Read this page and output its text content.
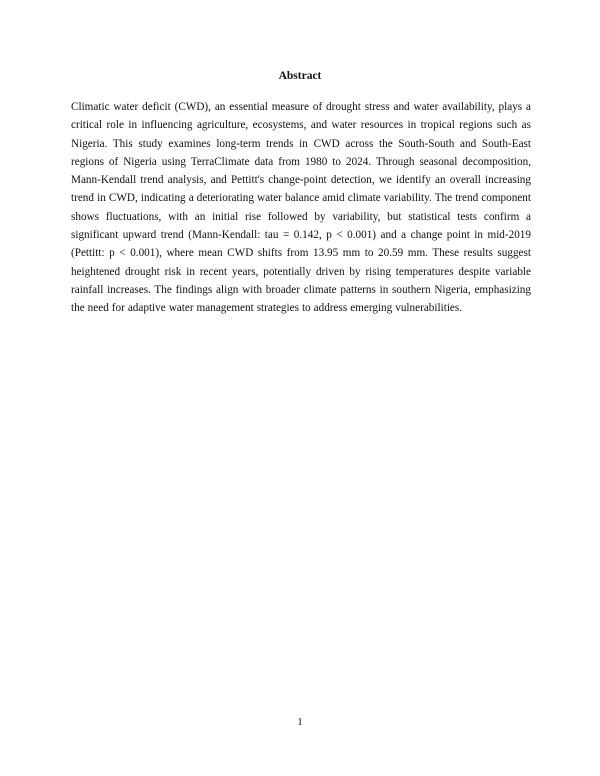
Abstract

Climatic water deficit (CWD), an essential measure of drought stress and water availability, plays a critical role in influencing agriculture, ecosystems, and water resources in tropical regions such as Nigeria. This study examines long-term trends in CWD across the South-South and South-East regions of Nigeria using TerraClimate data from 1980 to 2024. Through seasonal decomposition, Mann-Kendall trend analysis, and Pettitt's change-point detection, we identify an overall increasing trend in CWD, indicating a deteriorating water balance amid climate variability. The trend component shows fluctuations, with an initial rise followed by variability, but statistical tests confirm a significant upward trend (Mann-Kendall: tau = 0.142, p < 0.001) and a change point in mid-2019 (Pettitt: p < 0.001), where mean CWD shifts from 13.95 mm to 20.59 mm. These results suggest heightened drought risk in recent years, potentially driven by rising temperatures despite variable rainfall increases. The findings align with broader climate patterns in southern Nigeria, emphasizing the need for adaptive water management strategies to address emerging vulnerabilities.

1
